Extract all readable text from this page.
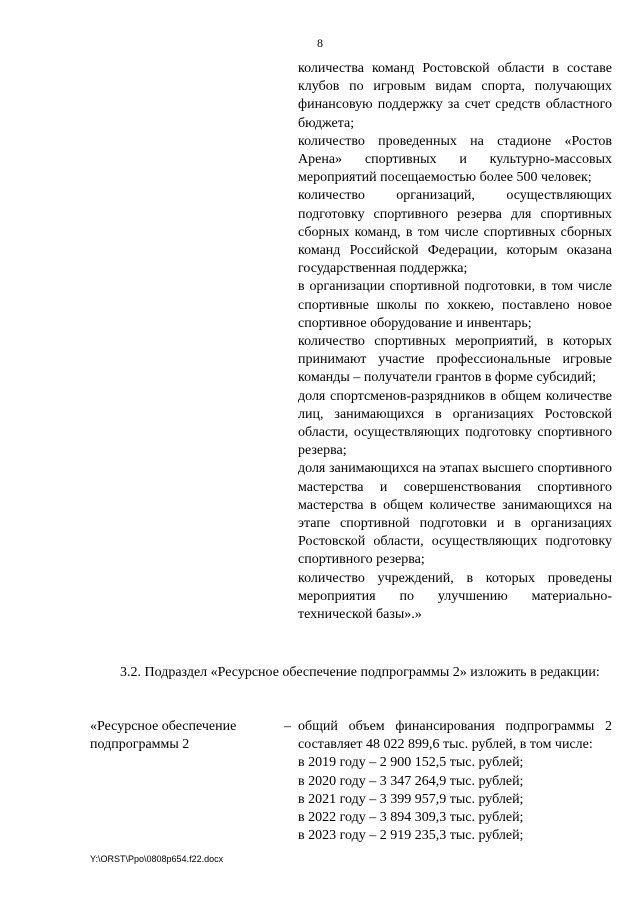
8
количества команд Ростовской области в составе клубов по игровым видам спорта, получающих финансовую поддержку за счет средств областного бюджета;
количество проведенных на стадионе «Ростов Арена» спортивных и культурно-массовых мероприятий посещаемостью более 500 человек;
количество организаций, осуществляющих подготовку спортивного резерва для спортивных сборных команд, в том числе спортивных сборных команд Российской Федерации, которым оказана государственная поддержка;
в организации спортивной подготовки, в том числе спортивные школы по хоккею, поставлено новое спортивное оборудование и инвентарь;
количество спортивных мероприятий, в которых принимают участие профессиональные игровые команды – получатели грантов в форме субсидий;
доля спортсменов-разрядников в общем количестве лиц, занимающихся в организациях Ростовской области, осуществляющих подготовку спортивного резерва;
доля занимающихся на этапах высшего спортивного мастерства и совершенствования спортивного мастерства в общем количестве занимающихся на этапе спортивной подготовки и в организациях Ростовской области, осуществляющих подготовку спортивного резерва;
количество учреждений, в которых проведены мероприятия по улучшению материально-технической базы».»
3.2. Подраздел «Ресурсное обеспечение подпрограммы 2» изложить в редакции:
«Ресурсное обеспечение
подпрограммы 2
– общий объем финансирования подпрограммы 2 составляет 48 022 899,6 тыс. рублей, в том числе:
в 2019 году – 2 900 152,5 тыс. рублей;
в 2020 году – 3 347 264,9 тыс. рублей;
в 2021 году – 3 399 957,9 тыс. рублей;
в 2022 году – 3 894 309,3 тыс. рублей;
в 2023 году – 2 919 235,3 тыс. рублей;
Y:\ORST\Ppo\0808p654.f22.docx
